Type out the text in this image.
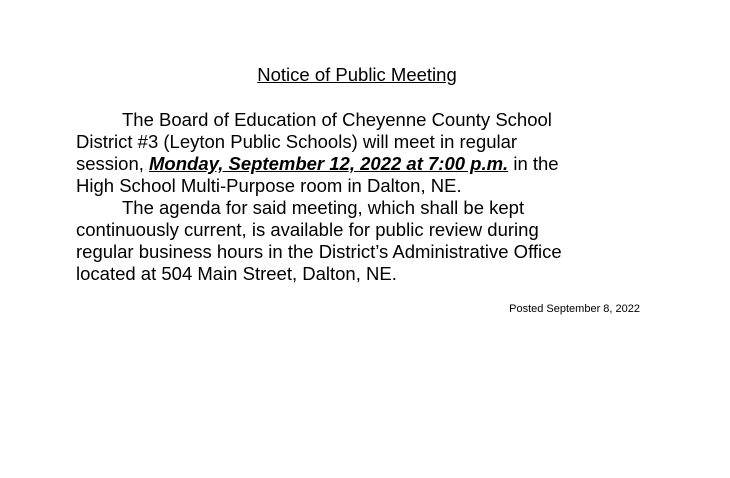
Notice of Public Meeting
The Board of Education of Cheyenne County School
District #3 (Leyton Public Schools) will meet in regular
session, Monday, September 12, 2022 at 7:00 p.m. in the
High School Multi-Purpose room in Dalton, NE.
The agenda for said meeting, which shall be kept
continuously current, is available for public review during
regular business hours in the District’s Administrative Office
located at 504 Main Street, Dalton, NE.
Posted September 8, 2022
